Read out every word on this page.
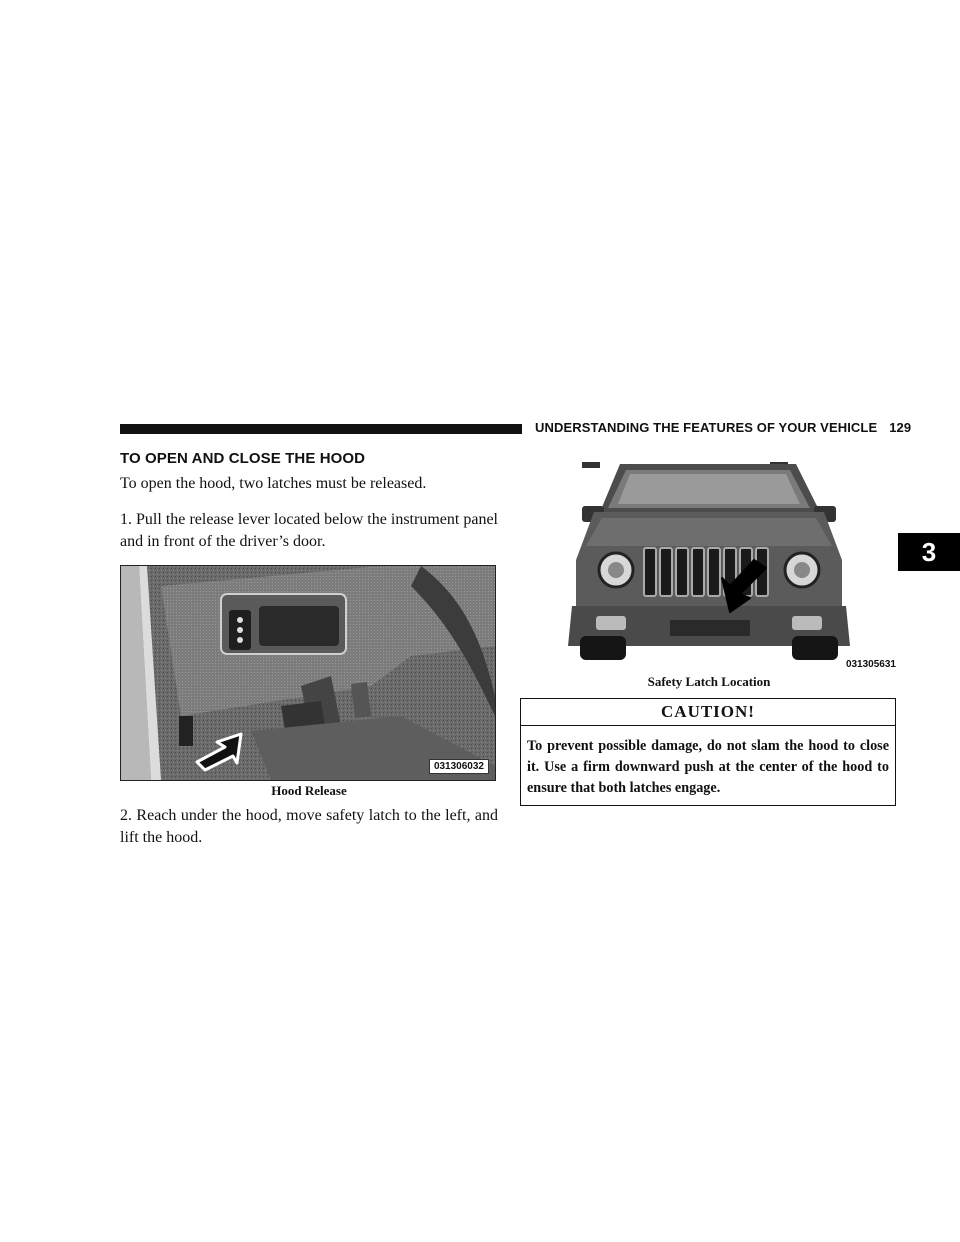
UNDERSTANDING THE FEATURES OF YOUR VEHICLE 129
3
TO OPEN AND CLOSE THE HOOD

To open the hood, two latches must be released.

1. Pull the release lever located below the instrument panel and in front of the driver’s door.

031306032
Hood Release

2. Reach under the hood, move safety latch to the left, and lift the hood.

031305631
Safety Latch Location
CAUTION!
To prevent possible damage, do not slam the hood to close it. Use a firm downward push at the center of the hood to ensure that both latches engage.
